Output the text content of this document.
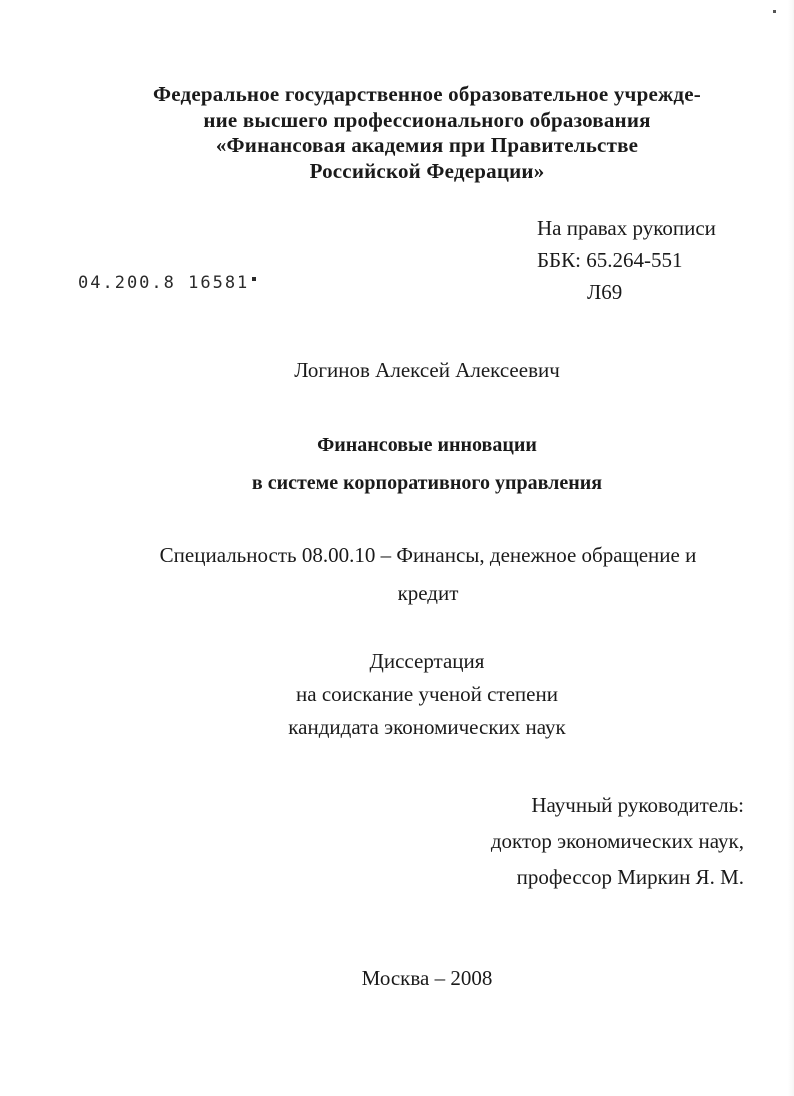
Федеральное государственное образовательное учрежде-
ние высшего профессионального образования
«Финансовая академия при Правительстве
Российской Федерации»
На правах рукописи
ББК: 65.264-551
Л69
04.200.8 16581
Логинов Алексей Алексеевич
Финансовые инновации
в системе корпоративного управления
Специальность 08.00.10 – Финансы, денежное обращение и
кредит
Диссертация
на соискание ученой степени
кандидата экономических наук
Научный руководитель:
доктор экономических наук,
профессор Миркин Я. М.
Москва – 2008
